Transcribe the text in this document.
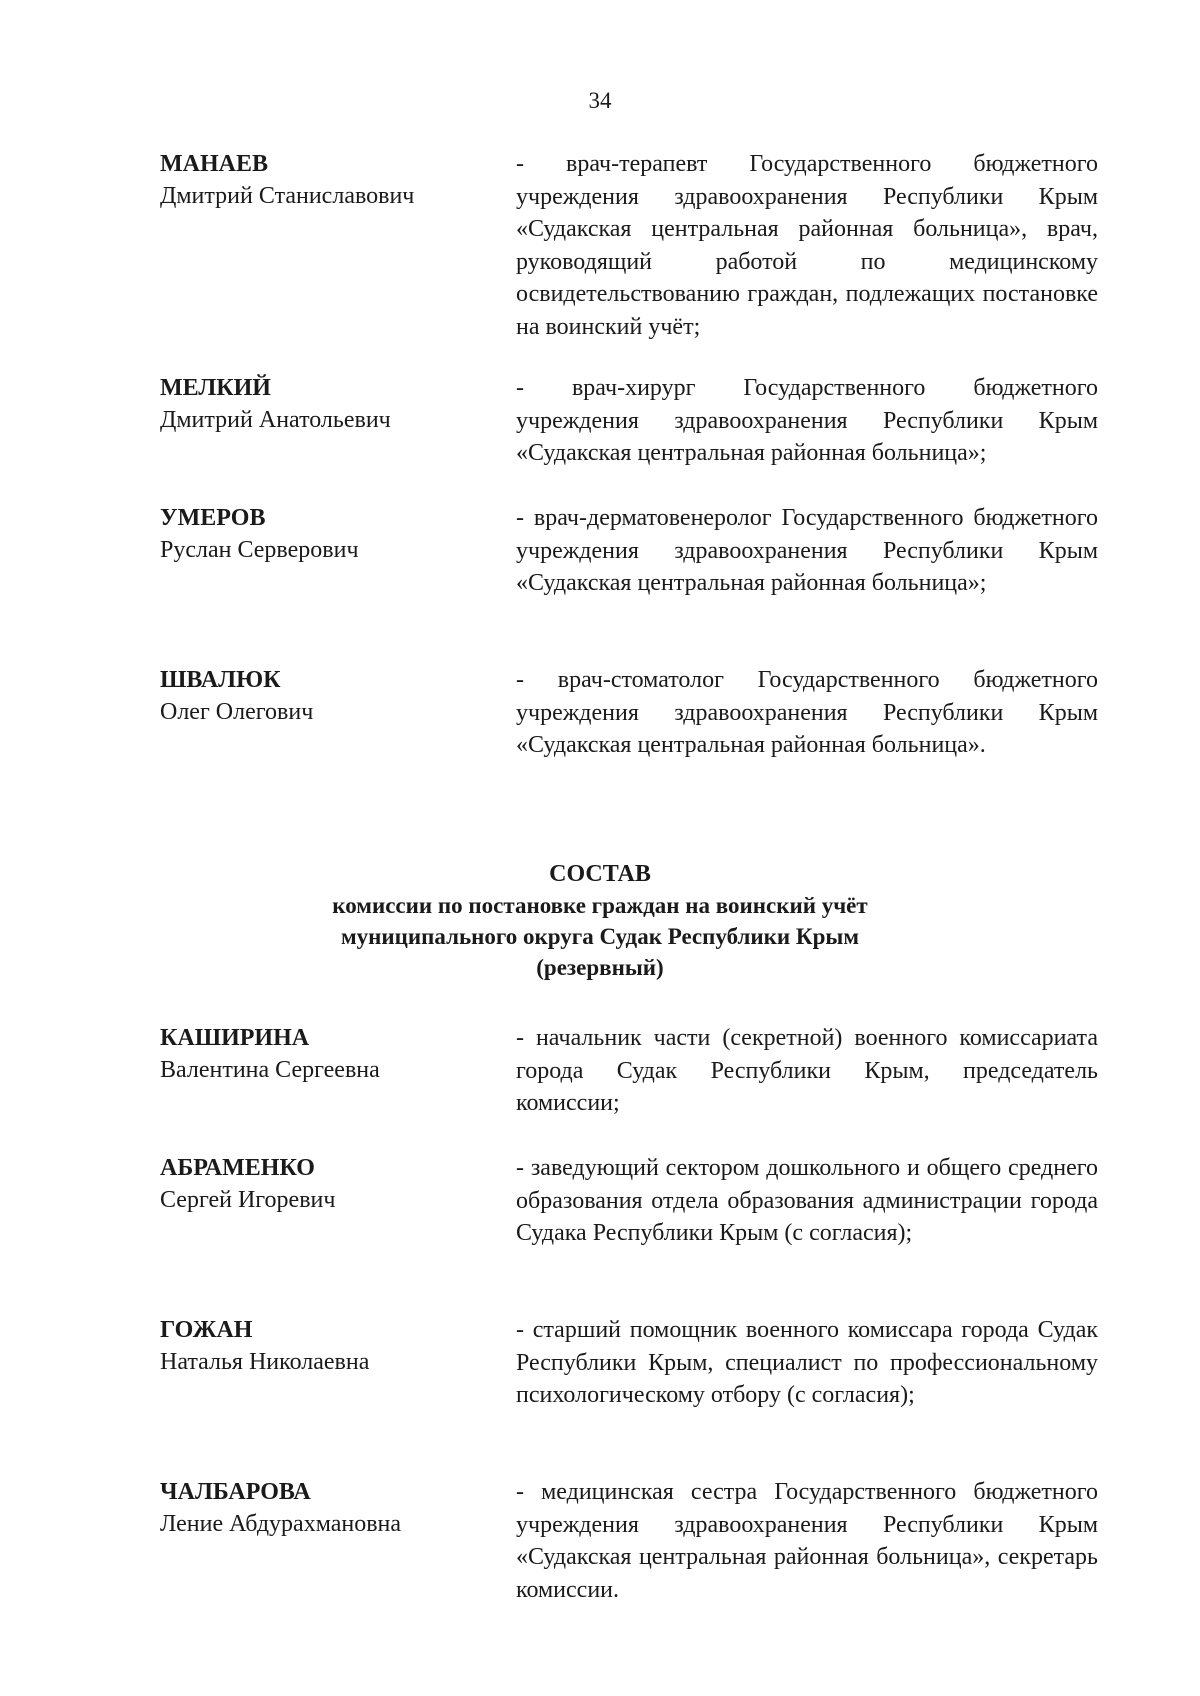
34
МАНАЕВ
Дмитрий Станиславович
- врач-терапевт Государственного бюджетного учреждения здравоохранения Республики Крым «Судакская центральная районная больница», врач, руководящий работой по медицинскому освидетельствованию граждан, подлежащих постановке на воинский учёт;
МЕЛКИЙ
Дмитрий Анатольевич
- врач-хирург Государственного бюджетного учреждения здравоохранения Республики Крым «Судакская центральная районная больница»;
УМЕРОВ
Руслан Серверович
- врач-дерматовенеролог Государственного бюджетного учреждения здравоохранения Республики Крым «Судакская центральная районная больница»;
ШВАЛЮК
Олег Олегович
- врач-стоматолог Государственного бюджетного учреждения здравоохранения Республики Крым «Судакская центральная районная больница».
СОСТАВ
комиссии по постановке граждан на воинский учёт
муниципального округа Судак Республики Крым
(резервный)
КАШИРИНА
Валентина Сергеевна
- начальник части (секретной) военного комиссариата города Судак Республики Крым, председатель комиссии;
АБРАМЕНКО
Сергей Игоревич
- заведующий сектором дошкольного и общего среднего образования отдела образования администрации города Судака Республики Крым (с согласия);
ГОЖАН
Наталья Николаевна
- старший помощник военного комиссара города Судак Республики Крым, специалист по профессиональному психологическому отбору (с согласия);
ЧАЛБАРОВА
Ление Абдурахмановна
- медицинская сестра Государственного бюджетного учреждения здравоохранения Республики Крым «Судакская центральная районная больница», секретарь комиссии.
